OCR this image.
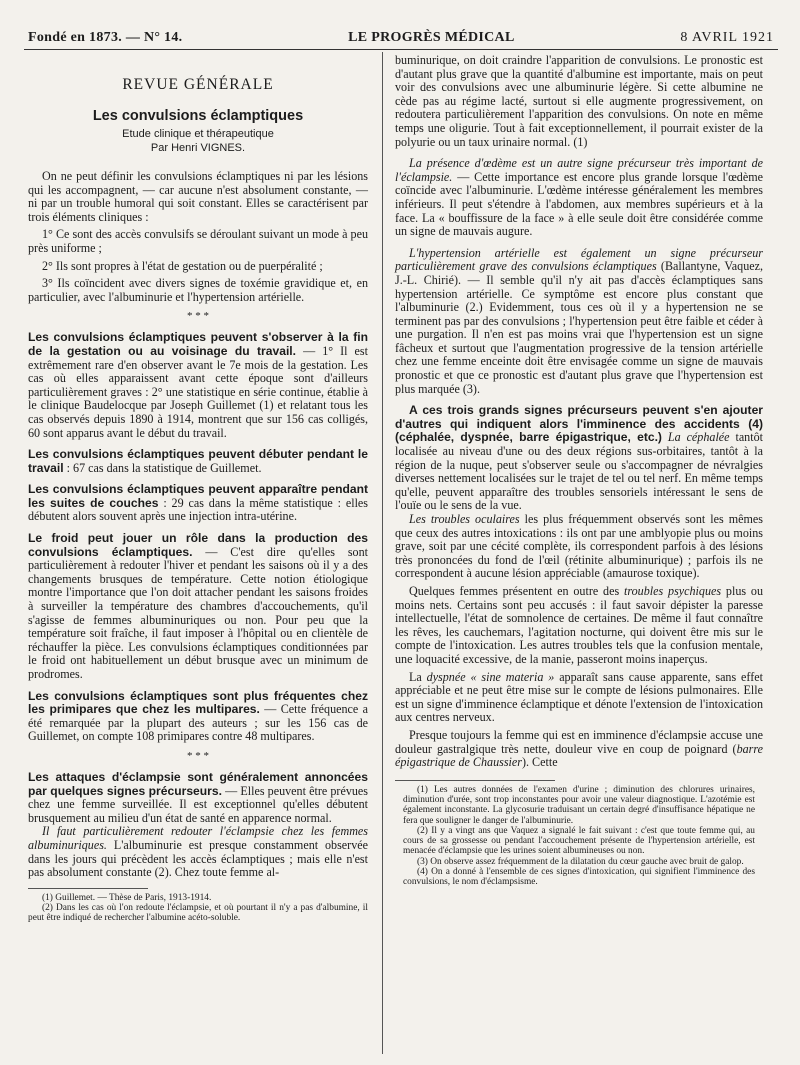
Fondé en 1873. — N° 14.	LE PROGRÈS MÉDICAL	8 AVRIL 1921
REVUE GÉNÉRALE
Les convulsions éclamptiques
Etude clinique et thérapeutique
Par Henri VIGNES.

On ne peut définir les convulsions éclamptiques ni par les lésions qui les accompagnent, — car aucune n'est absolument constante, — ni par un trouble humoral qui soit constant. Elles se caractérisent par trois éléments cliniques :

1° Ce sont des accès convulsifs se déroulant suivant un mode à peu près uniforme ;

2° Ils sont propres à l'état de gestation ou de puerpéralité ;

3° Ils coïncident avec divers signes de toxémie gravidique et, en particulier, avec l'albuminurie et l'hypertension artérielle.

* * *

Les convulsions éclamptiques peuvent s'observer à la fin de la gestation ou au voisinage du travail. — 1° Il est extrêmement rare d'en observer avant le 7e mois de la gestation. Les cas où elles apparaissent avant cette époque sont d'ailleurs particulièrement graves : 2° une statistique en série continue, établie à le clinique Baudelocque par Joseph Guillemet (1) et relatant tous les cas observés depuis 1890 à 1914, montrent que sur 156 cas colligés, 60 sont apparus avant le début du travail.

Les convulsions éclamptiques peuvent débuter pendant le travail : 67 cas dans la statistique de Guillemet.

Les convulsions éclamptiques peuvent apparaître pendant les suites de couches : 29 cas dans la même statistique : elles débutent alors souvent après une injection intra-utérine.

Le froid peut jouer un rôle dans la production des convulsions éclamptiques. — C'est dire qu'elles sont particulièrement à redouter l'hiver et pendant les saisons où il y a des changements brusques de température. Cette notion étiologique montre l'importance que l'on doit attacher pendant les saisons froides à surveiller la température des chambres d'accouchements, qu'il s'agisse de femmes albuminuriques ou non. Pour peu que la température soit fraîche, il faut imposer à l'hôpital ou en clientèle de réchauffer la pièce. Les convulsions éclamptiques conditionnées par le froid ont habituellement un début brusque avec un minimum de prodromes.

Les convulsions éclamptiques sont plus fréquentes chez les primipares que chez les multipares. — Cette fréquence a été remarquée par la plupart des auteurs ; sur les 156 cas de Guillemet, on compte 108 primipares contre 48 multipares.

* * *

Les attaques d'éclampsie sont généralement annoncées par quelques signes précurseurs. — Elles peuvent être prévues chez une femme surveillée. Il est exceptionnel qu'elles débutent brusquement au milieu d'un état de santé en apparence normal.

Il faut particulièrement redouter l'éclampsie chez les femmes albuminuriques. L'albuminurie est presque constamment observée dans les jours qui précèdent les accès éclamptiques ; mais elle n'est pas absolument constante (2). Chez toute femme al-

(1) Guillemet. — Thèse de Paris, 1913-1914.

(2) Dans les cas où l'on redoute l'éclampsie, et où pourtant il n'y a pas d'albumine, il peut être indiqué de rechercher l'albumine acéto-soluble.

buminurique, on doit craindre l'apparition de convulsions. Le pronostic est d'autant plus grave que la quantité d'albumine est importante, mais on peut voir des convulsions avec une albuminurie légère. Si cette albumine ne cède pas au régime lacté, surtout si elle augmente progressivement, on redoutera particulièrement l'apparition des convulsions. On note en même temps une oligurie. Tout à fait exceptionnellement, il pourrait exister de la polyurie ou un taux urinaire normal. (1)

La présence d'œdème est un autre signe précurseur très important de l'éclampsie. — Cette importance est encore plus grande lorsque l'œdème coïncide avec l'albuminurie. L'œdème intéresse généralement les membres inférieurs. Il peut s'étendre à l'abdomen, aux membres supérieurs et à la face. La « bouffissure de la face » à elle seule doit être considérée comme un signe de mauvais augure.

L'hypertension artérielle est également un signe précurseur particulièrement grave des convulsions éclamptiques (Ballantyne, Vaquez, J.-L. Chirié). — Il semble qu'il n'y ait pas d'accès éclamptiques sans hypertension artérielle. Ce symptôme est encore plus constant que l'albuminurie (2.) Evidemment, tous ces où il y a hypertension ne se terminent pas par des convulsions ; l'hypertension peut être faible et céder à une purgation. Il n'en est pas moins vrai que l'hypertension est un signe fâcheux et surtout que l'augmentation progressive de la tension artérielle chez une femme enceinte doit être envisagée comme un signe de mauvais pronostic et que ce pronostic est d'autant plus grave que l'hypertension est plus marquée (3).

A ces trois grands signes précurseurs peuvent s'en ajouter d'autres qui indiquent alors l'imminence des accidents (4) (céphalée, dyspnée, barre épigastrique, etc.) La céphalée tantôt localisée au niveau d'une ou des deux régions sus-orbitaires, tantôt à la région de la nuque, peut s'observer seule ou s'accompagner de névralgies diverses nettement localisées sur le trajet de tel ou tel nerf. En même temps qu'elle, peuvent apparaître des troubles sensoriels intéressant le sens de l'ouïe ou le sens de la vue.

Les troubles oculaires les plus fréquemment observés sont les mêmes que ceux des autres intoxications : ils ont par une amblyopie plus ou moins grave, soit par une cécité complète, ils correspondent parfois à des lésions très prononcées du fond de l'œil (rétinite albuminurique) ; parfois ils ne correspondent à aucune lésion appréciable (amaurose toxique).

Quelques femmes présentent en outre des troubles psychiques plus ou moins nets. Certains sont peu accusés : il faut savoir dépister la paresse intellectuelle, l'état de somnolence de certaines. De même il faut connaître les rêves, les cauchemars, l'agitation nocturne, qui doivent être mis sur le compte de l'intoxication. Les autres troubles tels que la confusion mentale, une loquacité excessive, de la manie, passeront moins inaperçus.

La dyspnée « sine materia » apparaît sans cause apparente, sans effet appréciable et ne peut être mise sur le compte de lésions pulmonaires. Elle est un signe d'imminence éclamptique et dénote l'extension de l'intoxication aux centres nerveux.

Presque toujours la femme qui est en imminence d'éclampsie accuse une douleur gastralgique très nette, douleur vive en coup de poignard (barre épigastrique de Chaussier). Cette

(1) Les autres données de l'examen d'urine ; diminution des chlorures urinaires, diminution d'urée, sont trop inconstantes pour avoir une valeur diagnostique. L'azotémie est également inconstante. La glycosurie traduisant un certain degré d'insuffisance hépatique ne fera que souligner le danger de l'albuminurie.

(2) Il y a vingt ans que Vaquez a signalé le fait suivant : c'est que toute femme qui, au cours de sa grossesse ou pendant l'accouchement présente de l'hypertension artérielle, est menacée d'éclampsie que les urines soient albumineuses ou non.

(3) On observe assez fréquemment de la dilatation du cœur gauche avec bruit de galop.

(4) On a donné à l'ensemble de ces signes d'intoxication, qui signifient l'imminence des convulsions, le nom d'éclampsisme.
